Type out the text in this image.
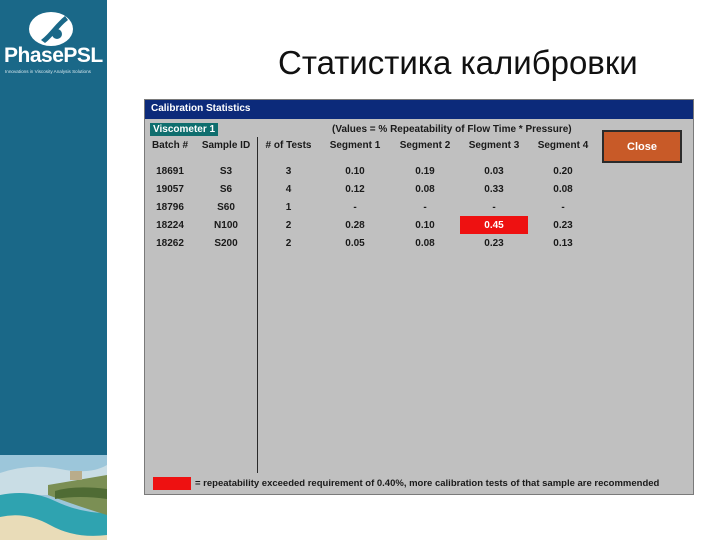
PhasePSL
Innovations in Viscosity Analysis Solutions	Статистика калибровки
Calibration Statistics
Viscometer 1	(Values = % Repeatability of Flow Time * Pressure)
Close
Batch #	Sample ID	# of Tests	Segment 1	Segment 2	Segment 3	Segment 4

18691	S3	3	0.10	0.19	0.03	0.20
19057	S6	4	0.12	0.08	0.33	0.08
18796	S60	1	-	-	-	-
18224	N100	2	0.28	0.10	0.45	0.23
18262	S200	2	0.05	0.08	0.23	0.13
= repeatability exceeded requirement of 0.40%, more calibration tests of that sample are recommended
